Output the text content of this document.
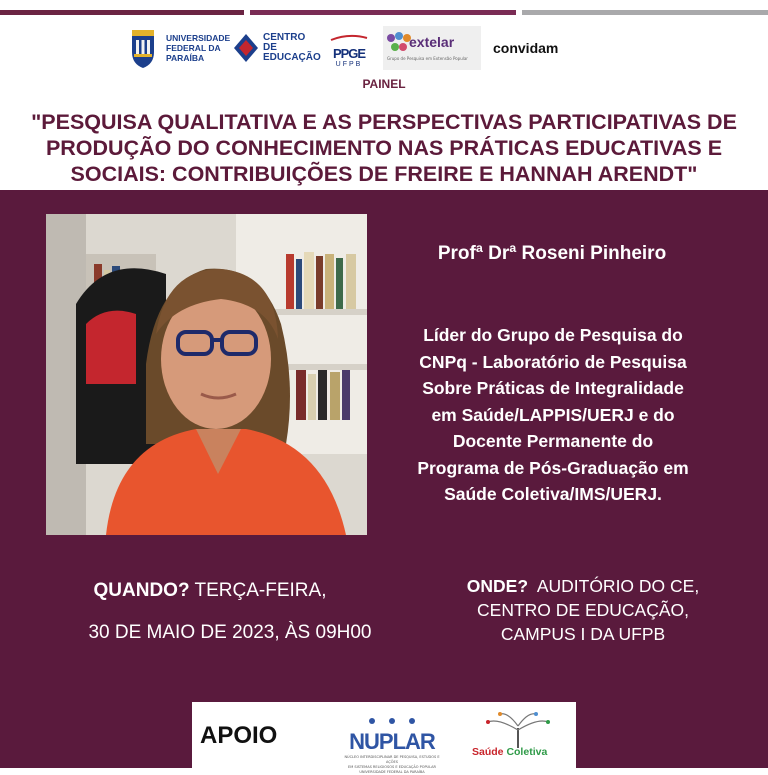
UNIVERSIDADE
FEDERAL DA
PARAÍBA
CENTRO
DE EDUCAÇÃO PPGE
UFPB
extelar
Grupo de Pesquisa em Extensão Popular
convidam
PAINEL
"PESQUISA QUALITATIVA E AS PERSPECTIVAS PARTICIPATIVAS DE
PRODUÇÃO DO CONHECIMENTO NAS PRÁTICAS EDUCATIVAS E
SOCIAIS: CONTRIBUIÇÕES DE FREIRE E HANNAH ARENDT"
Profª Drª Roseni Pinheiro
Líder do Grupo de Pesquisa do
CNPq - Laboratório de Pesquisa
Sobre Práticas de Integralidade
em Saúde/LAPPIS/UERJ e do
Docente Permanente do
Programa de Pós-Graduação em
Saúde Coletiva/IMS/UERJ.
QUANDO? TERÇA-FEIRA,
30 DE MAIO DE 2023, ÀS 09H00
ONDE? AUDITÓRIO DO CE,
CENTRO DE EDUCAÇÃO,
CAMPUS I DA UFPB
APOIO	NUPLAR
NÚCLEO INTERDISCIPLINAR DE PESQUISA, ESTUDOS E AÇÕES
EM SISTEMAS RELIGIOSOS E EDUCAÇÃO POPULAR
UNIVERSIDADE FEDERAL DA PARAÍBA
Saúde Coletiva
